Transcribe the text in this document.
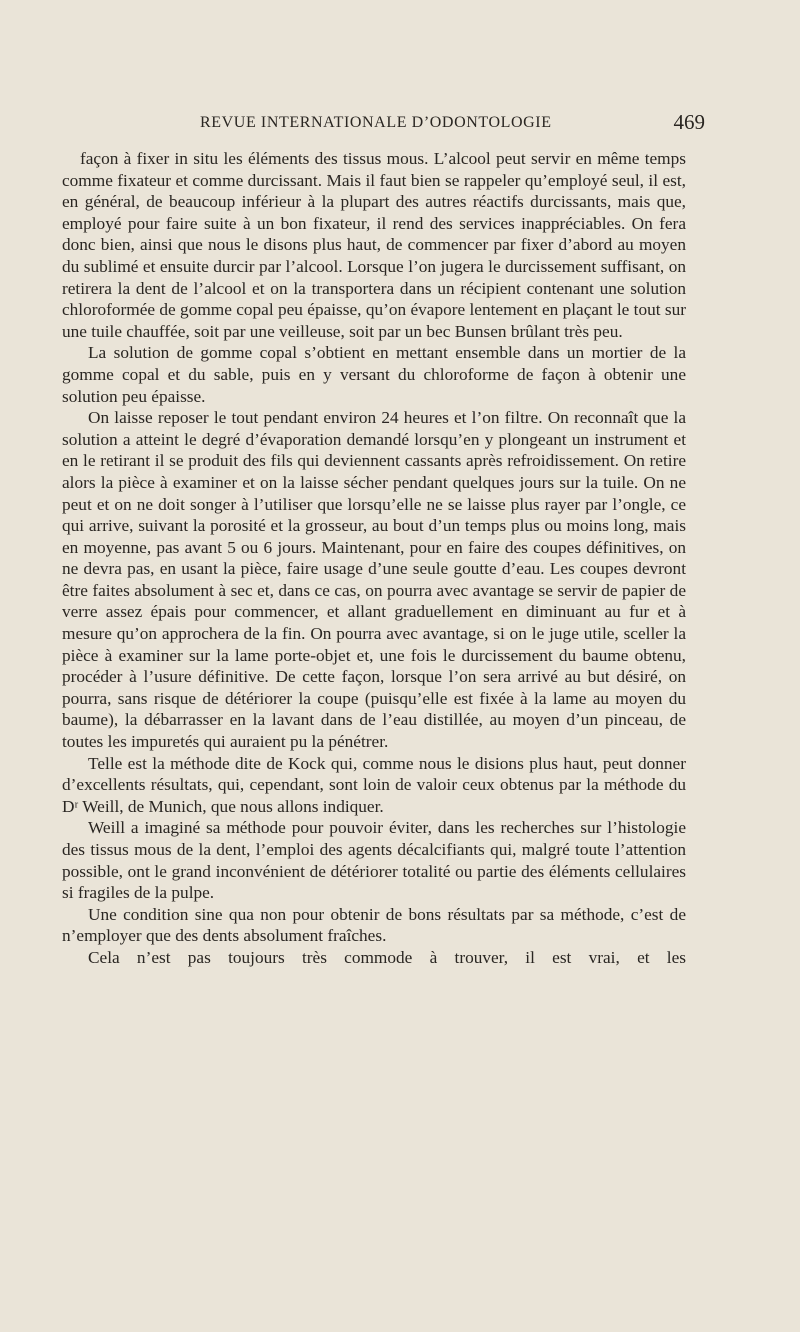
REVUE INTERNATIONALE D’ODONTOLOGIE	469

façon à fixer in situ les éléments des tissus mous. L’alcool peut servir en même temps comme fixateur et comme durcissant. Mais il faut bien se rappeler qu’employé seul, il est, en général, de beaucoup inférieur à la plupart des autres réactifs durcissants, mais que, employé pour faire suite à un bon fixateur, il rend des services inappréciables. On fera donc bien, ainsi que nous le disons plus haut, de commencer par fixer d’abord au moyen du sublimé et ensuite durcir par l’alcool. Lorsque l’on jugera le durcissement suffisant, on retirera la dent de l’alcool et on la transportera dans un récipient contenant une solution chloroformée de gomme copal peu épaisse, qu’on évapore lentement en plaçant le tout sur une tuile chauffée, soit par une veilleuse, soit par un bec Bunsen brûlant très peu.

La solution de gomme copal s’obtient en mettant ensemble dans un mortier de la gomme copal et du sable, puis en y versant du chloroforme de façon à obtenir une solution peu épaisse.

On laisse reposer le tout pendant environ 24 heures et l’on filtre. On reconnaît que la solution a atteint le degré d’évaporation demandé lorsqu’en y plongeant un instrument et en le retirant il se produit des fils qui deviennent cassants après refroidissement. On retire alors la pièce à examiner et on la laisse sécher pendant quelques jours sur la tuile. On ne peut et on ne doit songer à l’utiliser que lorsqu’elle ne se laisse plus rayer par l’ongle, ce qui arrive, suivant la porosité et la grosseur, au bout d’un temps plus ou moins long, mais en moyenne, pas avant 5 ou 6 jours. Maintenant, pour en faire des coupes définitives, on ne devra pas, en usant la pièce, faire usage d’une seule goutte d’eau. Les coupes devront être faites absolument à sec et, dans ce cas, on pourra avec avantage se servir de papier de verre assez épais pour commencer, et allant graduellement en diminuant au fur et à mesure qu’on approchera de la fin. On pourra avec avantage, si on le juge utile, sceller la pièce à examiner sur la lame porte-objet et, une fois le durcissement du baume obtenu, procéder à l’usure définitive. De cette façon, lorsque l’on sera arrivé au but désiré, on pourra, sans risque de détériorer la coupe (puisqu’elle est fixée à la lame au moyen du baume), la débarrasser en la lavant dans de l’eau distillée, au moyen d’un pinceau, de toutes les impuretés qui auraient pu la pénétrer.

Telle est la méthode dite de Kock qui, comme nous le disions plus haut, peut donner d’excellents résultats, qui, cependant, sont loin de valoir ceux obtenus par la méthode du Dʳ Weill, de Munich, que nous allons indiquer.

Weill a imaginé sa méthode pour pouvoir éviter, dans les recherches sur l’histologie des tissus mous de la dent, l’emploi des agents décalcifiants qui, malgré toute l’attention possible, ont le grand inconvénient de détériorer totalité ou partie des éléments cellulaires si fragiles de la pulpe.

Une condition sine qua non pour obtenir de bons résultats par sa méthode, c’est de n’employer que des dents absolument fraîches.

Cela n’est pas toujours très commode à trouver, il est vrai, et les
